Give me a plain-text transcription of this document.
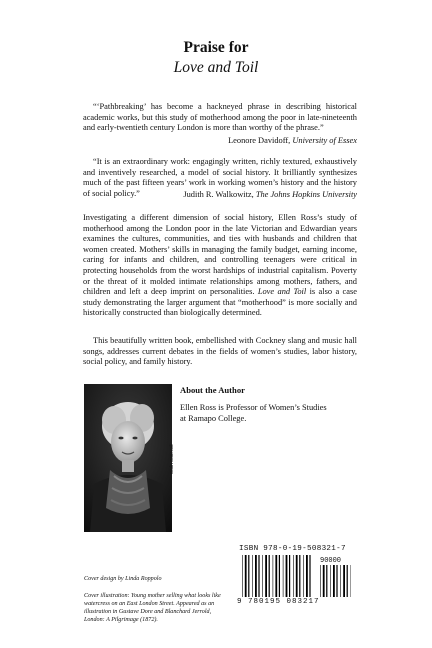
Praise for
Love and Toil
“‘Pathbreaking’ has become a hackneyed phrase in describing historical academic works, but this study of motherhood among the poor in late-nineteenth and early-twentieth century London is more than worthy of the phrase.”
Leonore Davidoff, University of Essex
“It is an extraordinary work: engagingly written, richly textured, exhaustively and inventively researched, a model of social history. It brilliantly synthesizes much of the past fifteen years’ work in working women’s history and the history of social policy.”	Judith R. Walkowitz, The Johns Hopkins University
Investigating a different dimension of social history, Ellen Ross’s study of motherhood among the London poor in the late Victorian and Edwardian years examines the cultures, communities, and ties with husbands and children that women created. Mothers’ skills in managing the family budget, earning income, caring for infants and children, and controlling teenagers were critical in protecting households from the worst hardships of industrial capitalism. Poverty or the threat of it molded intimate relationships among mothers, fathers, and children and left a deep imprint on personalities. Love and Toil is also a case study demonstrating the larger argument that “motherhood” is more socially and historically constructed than biologically determined.
This beautifully written book, embellished with Cockney slang and music hall songs, addresses current debates in the fields of women’s studies, labor history, social policy, and family history.
Carin Canevali
About the Author
Ellen Ross is Professor of Women’s Studies at Ramapo College.
ISBN 978-0-19-508321-7
90000
9 780195 083217
Cover design by Linda Roppolo
Cover illustration: Young mother selling what looks like watercress on an East London Street. Appeared as an illustration in Gustave Dore and Blanchard Jerrold, London: A Pilgrimage (1872).
